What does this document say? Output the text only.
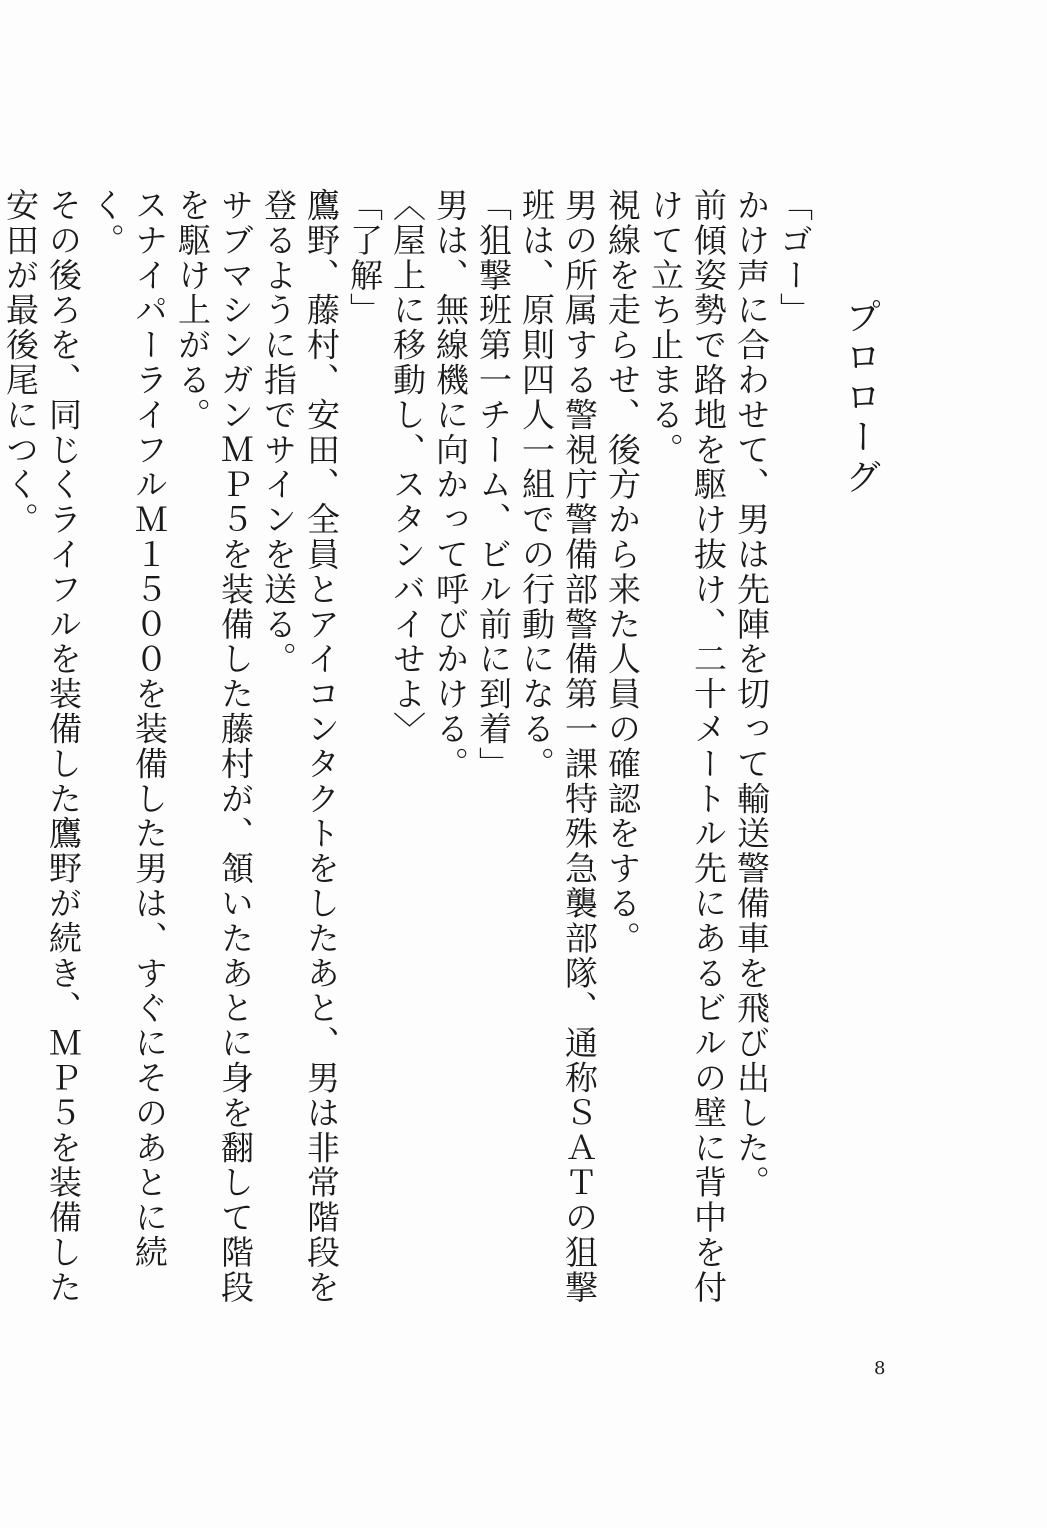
プロローグ

「ゴー」

かけ声に合わせて、男は先陣を切って輸送警備車を飛び出した。

前傾姿勢で路地を駆け抜け、二十メートル先にあるビルの壁に背中を付けて立ち止まる。

視線を走らせ、後方から来た人員の確認をする。

男の所属する警視庁警備部警備第一課特殊急襲部隊、通称ＳＡＴの狙撃班は、原則四人一組での行動になる。

「狙撃班第一チーム、ビル前に到着」

男は、無線機に向かって呼びかける。

〈屋上に移動し、スタンバイせよ〉

「了解」

鷹野、藤村、安田、全員とアイコンタクトをしたあと、男は非常階段を登るように指でサインを送る。

サブマシンガンＭＰ５を装備した藤村が、頷いたあとに身を翻して階段を駆け上がる。

スナイパーライフルＭ１５００を装備した男は、すぐにそのあとに続く。

その後ろを、同じくライフルを装備した鷹野が続き、ＭＰ５を装備した安田が最後尾につく。

8
